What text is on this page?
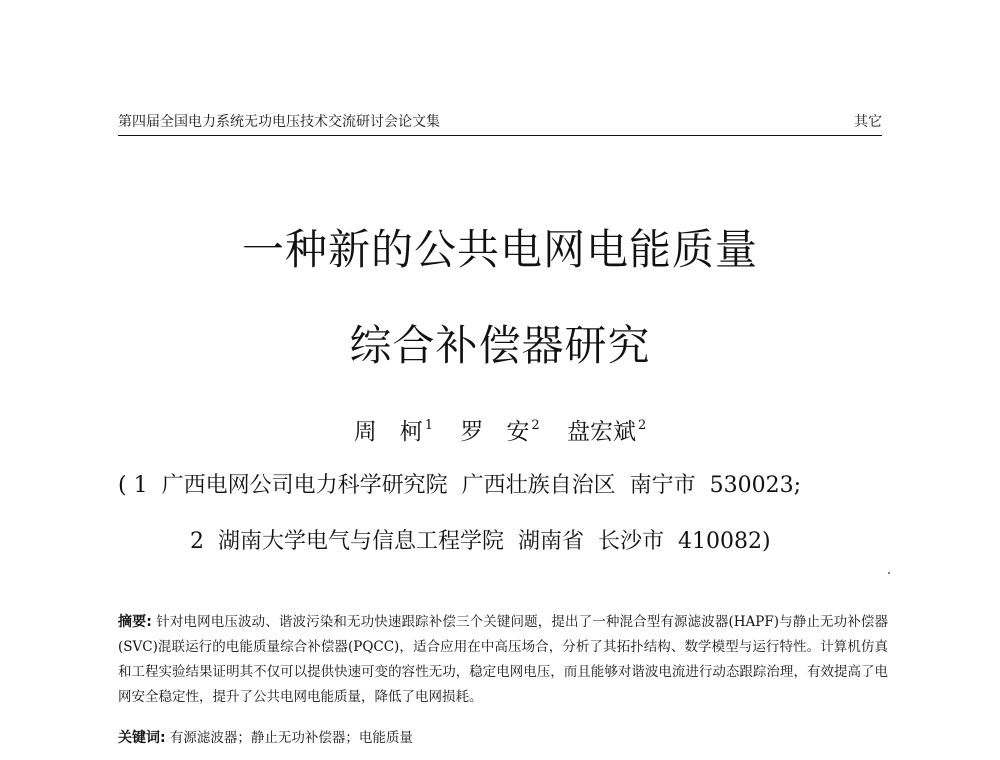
第四届全国电力系统无功电压技术交流研讨会论文集	其它
一种新的公共电网电能质量
综合补偿器研究
周　柯 $^1$ 罗　安 $^2$ 盘宏斌 $^2$
( 1 广西电网公司电力科学研究院 广西壮族自治区 南宁市 530023;
2 湖南大学电气与信息工程学院 湖南省 长沙市 410082)
摘要: 针对电网电压波动、谐波污染和无功快速跟踪补偿三个关键问题，提出了一种混合型有源滤波器(HAPF)与静止无功补偿器(SVC)混联运行的电能质量综合补偿器(PQCC)，适合应用在中高压场合，分析了其拓扑结构、数学模型与运行特性。计算机仿真和工程实验结果证明其不仅可以提供快速可变的容性无功，稳定电网电压，而且能够对谐波电流进行动态跟踪治理，有效提高了电网安全稳定性，提升了公共电网电能质量，降低了电网损耗。
关键词: 有源滤波器；静止无功补偿器；电能质量
